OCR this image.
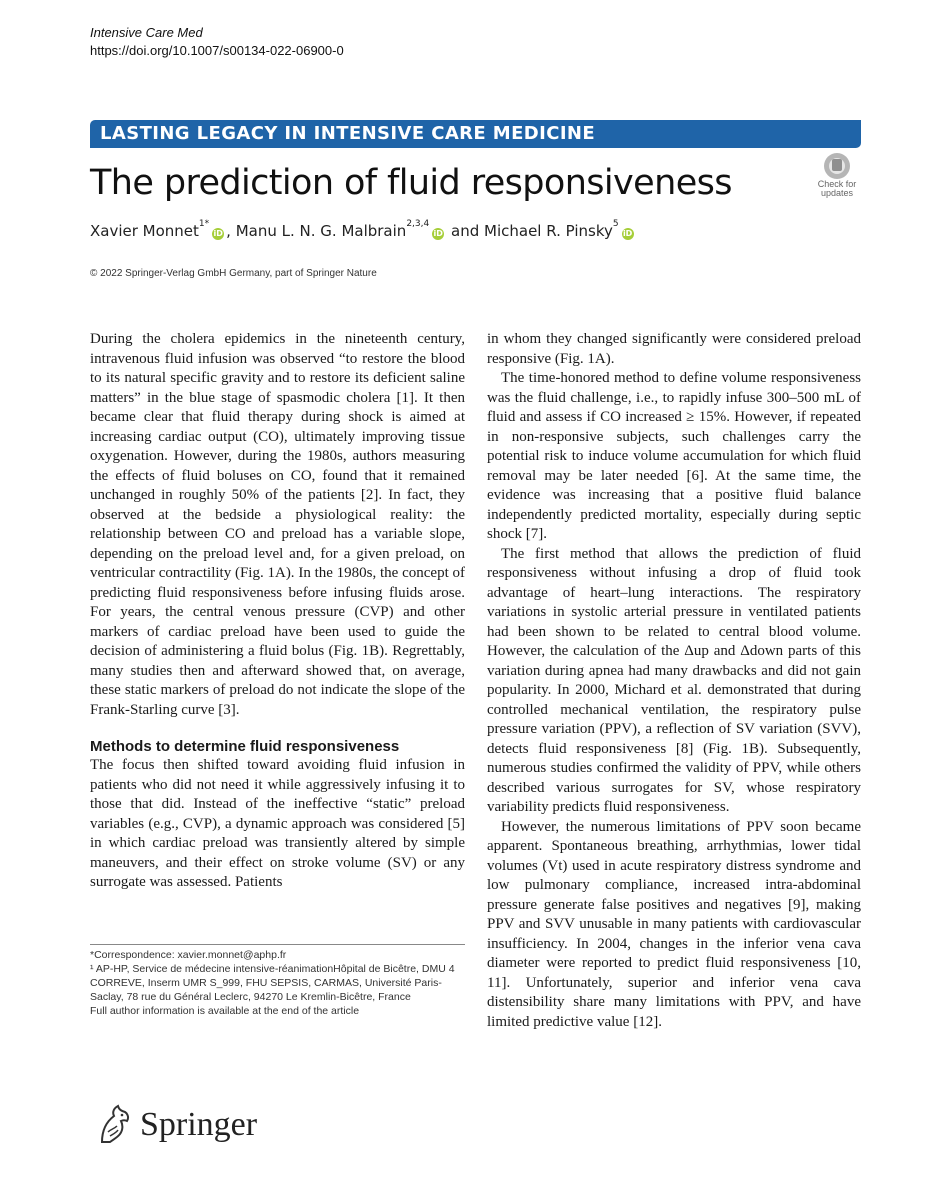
Intensive Care Med
https://doi.org/10.1007/s00134-022-06900-0
LASTING LEGACY IN INTENSIVE CARE MEDICINE
The prediction of fluid responsiveness	Check for
updates
Xavier Monnet$^{1*}$iD , Manu L. N. G. Malbrain$^{2,3,4}$iD and Michael R. Pinsky$^5$iD
© 2022 Springer-Verlag GmbH Germany, part of Springer Nature

During the cholera epidemics in the nineteenth century, intravenous fluid infusion was observed “to restore the blood to its natural specific gravity and to restore its deficient saline matters” in the blue stage of spasmodic cholera [1]. It then became clear that fluid therapy during shock is aimed at increasing cardiac output (CO), ultimately improving tissue oxygenation. However, during the 1980s, authors measuring the effects of fluid boluses on CO, found that it remained unchanged in roughly 50% of the patients [2]. In fact, they observed at the bedside a physiological reality: the relationship between CO and preload has a variable slope, depending on the preload level and, for a given preload, on ventricular contractility (Fig. 1A). In the 1980s, the concept of predicting fluid responsiveness before infusing fluids arose. For years, the central venous pressure (CVP) and other markers of cardiac preload have been used to guide the decision of administering a fluid bolus (Fig. 1B). Regrettably, many studies then and afterward showed that, on average, these static markers of preload do not indicate the slope of the Frank-Starling curve [3].

Methods to determine fluid responsiveness

The focus then shifted toward avoiding fluid infusion in patients who did not need it while aggressively infusing it to those that did. Instead of the ineffective “static” preload variables (e.g., CVP), a dynamic approach was considered [5] in which cardiac preload was transiently altered by simple maneuvers, and their effect on stroke volume (SV) or any surrogate was assessed. Patients

in whom they changed significantly were considered preload responsive (Fig. 1A).

The time-honored method to define volume responsiveness was the fluid challenge, i.e., to rapidly infuse 300–500 mL of fluid and assess if CO increased ≥ 15%. However, if repeated in non-responsive subjects, such challenges carry the potential risk to induce volume accumulation for which fluid removal may be later needed [6]. At the same time, the evidence was increasing that a positive fluid balance independently predicted mortality, especially during septic shock [7].

The first method that allows the prediction of fluid responsiveness without infusing a drop of fluid took advantage of heart–lung interactions. The respiratory variations in systolic arterial pressure in ventilated patients had been shown to be related to central blood volume. However, the calculation of the Δup and Δdown parts of this variation during apnea had many drawbacks and did not gain popularity. In 2000, Michard et al. demonstrated that during controlled mechanical ventilation, the respiratory pulse pressure variation (PPV), a reflection of SV variation (SVV), detects fluid responsiveness [8] (Fig. 1B). Subsequently, numerous studies confirmed the validity of PPV, while others described various surrogates for SV, whose respiratory variability predicts fluid responsiveness.

However, the numerous limitations of PPV soon became apparent. Spontaneous breathing, arrhythmias, lower tidal volumes (Vt) used in acute respiratory distress syndrome and low pulmonary compliance, increased intra-abdominal pressure generate false positives and negatives [9], making PPV and SVV unusable in many patients with cardiovascular insufficiency. In 2004, changes in the inferior vena cava diameter were reported to predict fluid responsiveness [10, 11]. Unfortunately, superior and inferior vena cava distensibility share many limitations with PPV, and have limited predictive value [12].

*Correspondence: xavier.monnet@aphp.fr

¹ AP-HP, Service de médecine intensive-réanimationHôpital de Bicêtre, DMU 4 CORREVE, Inserm UMR S_999, FHU SEPSIS, CARMAS, Université Paris-Saclay, 78 rue du Général Leclerc, 94270 Le Kremlin-Bicêtre, France

Full author information is available at the end of the article

Springer
